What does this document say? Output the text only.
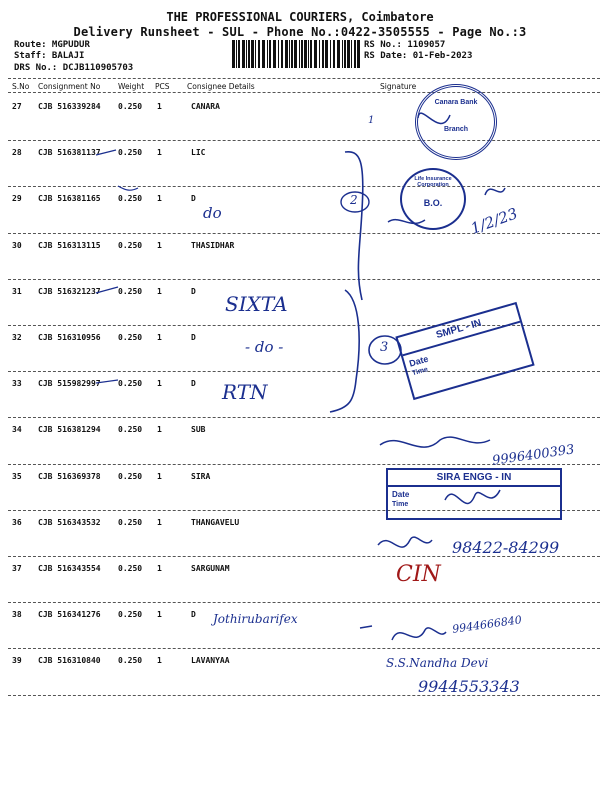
THE PROFESSIONAL COURIERS, Coimbatore
Delivery Runsheet - SUL - Phone No.:0422-3505555 - Page No.:3
Route: MGPUDUR
Staff: BALAJI
DRS No.: DCJB110905703
RS No.: 1109057
RS Date: 01-Feb-2023
S.No Consignment No Weight PCS Consignee Details	Signature
27 CJB 516339284 0.250 1	CANARA
28 CJB 516381137 0.250 1	LIC
29 CJB 516381165 0.250 1	D
30 CJB 516313115 0.250 1	THASIDHAR
31 CJB 516321237 0.250 1	D
32 CJB 516310956 0.250 1	D
33 CJB 515982997 0.250 1	D
34 CJB 516381294 0.250 1	SUB
35 CJB 516369378 0.250 1	SIRA
36 CJB 516343532 0.250 1	THANGAVELU
37 CJB 516343554 0.250 1	SARGUNAM
38 CJB 516341276 0.250 1	D
39 CJB 516310840 0.250 1	LAVANYAA
Canara Bank
Branch
Life Insurance Corporation
B.O.
SMPL - IN
Date
Time
SIRA ENGG - IN
Date
Time
do	1/2/23
SIXTA
- do -
RTN
1
2
3
9996400393
98422-84299
CIN
Jothirubarifex	9944666840
S.S.Nandha Devi
9944553343
